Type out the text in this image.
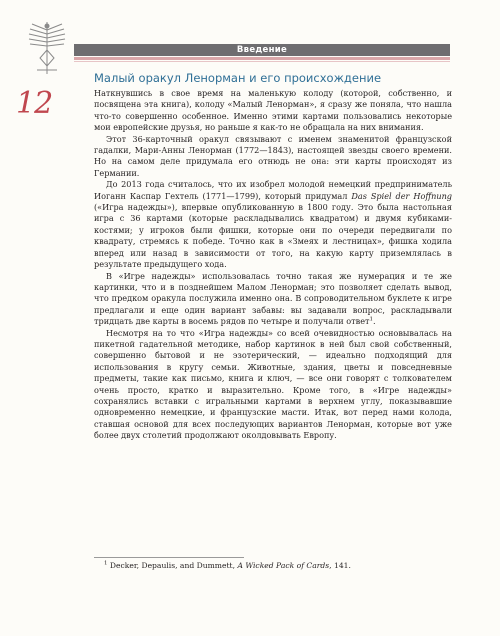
Введение
12
Малый оракул Ленорман и его происхождение

Наткнувшись в свое время на маленькую колоду (которой, собственно, и посвящена эта книга), колоду «Малый Ленорман», я сразу же поняла, что нашла что-то совершенно особенное. Именно этими картами пользовались некоторые мои европейские друзья, но раньше я как-то не обращала на них внимания.

Этот 36-карточный оракул связывают с именем знаменитой французской гадалки, Мари-Анны Ленорман (1772—1843), настоящей звезды своего времени. Но на самом деле придумала его отнюдь не она: эти карты происходят из Германии.

До 2013 года считалось, что их изобрел молодой немецкий предприниматель Иоганн Каспар Гехтель (1771—1799), который придумал Das Spiel der Hoffnung («Игра надежды»), впервые опубликованную в 1800 году. Это была настольная игра с 36 картами (которые раскладывались квадратом) и двумя кубиками-костями; у игроков были фишки, которые они по очереди передвигали по квадрату, стремясь к победе. Точно как в «Змеях и лестницах», фишка ходила вперед или назад в зависимости от того, на какую карту приземлялась в результате предыдущего хода.

В «Игре надежды» использовалась точно такая же нумерация и те же картинки, что и в позднейшем Малом Ленорман; это позволяет сделать вывод, что предком оракула послужила именно она. В сопроводительном буклете к игре предлагали и еще один вариант забавы: вы задавали вопрос, раскладывали тридцать две карты в восемь рядов по четыре и получали ответ$^1$.

Несмотря на то что «Игра надежды» со всей очевидностью основывалась на пикетной гадательной методике, набор картинок в ней был свой собственный, совершенно бытовой и не эзотерический, — идеально подходящий для использования в кругу семьи. Животные, здания, цветы и повседневные предметы, такие как письмо, книга и ключ, — все они говорят с толкователем очень просто, кратко и выразительно. Кроме того, в «Игре надежды» сохранялись вставки с игральными картами в верхнем углу, показывавшие одновременно немецкие, и французские масти. Итак, вот перед нами колода, ставшая основой для всех последующих вариантов Ленорман, которые вот уже более двух столетий продолжают околдовывать Европу.

$^1$ Decker, Depaulis, and Dummett, A Wicked Pack of Cards, 141.
